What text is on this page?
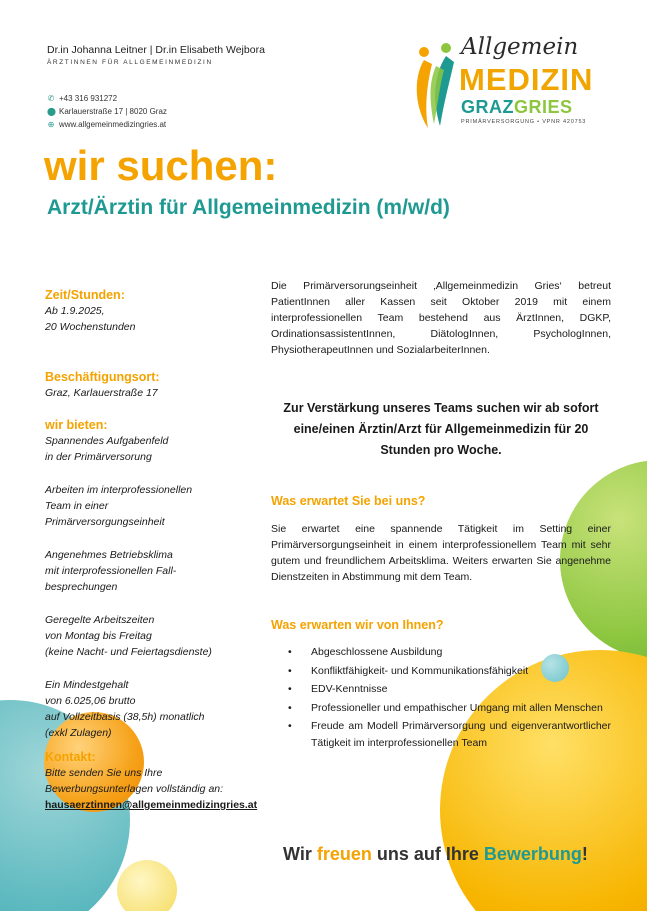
Dr.in Johanna Leitner | Dr.in Elisabeth Wejbora
ÄRZTINNEN FÜR ALLGEMEINMEDIZIN
✆ +43 316 931272
⬤ Karlauerstraße 17 | 8020 Graz
⊕ www.allgemeinmedizingries.at
Allgemein
MEDIZIN
GRAZGRIES
PRIMÄRVERSORGUNG • VPNR 420753
wir suchen:
Arzt/Ärztin für Allgemeinmedizin (m/w/d)
Zeit/Stunden:
Ab 1.9.2025,
20 Wochenstunden
Beschäftigungsort:
Graz, Karlauerstraße 17
wir bieten:
Spannendes Aufgabenfeld
in der Primärversorung
Arbeiten im interprofessionellen
Team in einer
Primärversorgungseinheit
Angenehmes Betriebsklima
mit interprofessionellen Fall-
besprechungen
Geregelte Arbeitszeiten
von Montag bis Freitag
(keine Nacht- und Feiertagsdienste)
Ein Mindestgehalt
von 6.025,06 brutto
auf Vollzeitbasis (38,5h) monatlich
(exkl Zulagen)
Kontakt:
Bitte senden Sie uns Ihre
Bewerbungsunterlagen vollständig an:
hausaerztinnen@allgemeinmedizingries.at
Die Primärversorungseinheit ‚Allgemeinmedizin Gries‘ betreut PatientInnen aller Kassen seit Oktober 2019 mit einem interprofessionellen Team bestehend aus ÄrztInnen, DGKP, OrdinationsassistentInnen, DiätologInnen, PsychologInnen, PhysiotherapeutInnen und SozialarbeiterInnen.
Zur Verstärkung unseres Teams suchen wir ab sofort eine/einen Ärztin/Arzt für Allgemeinmedizin für 20 Stunden pro Woche.
Was erwartet Sie bei uns?
Sie erwartet eine spannende Tätigkeit im Setting einer Primärversorgungseinheit in einem interprofessionellem Team mit sehr gutem und freundlichem Arbeitsklima. Weiters erwarten Sie angenehme Dienstzeiten in Abstimmung mit dem Team.
Was erwarten wir von Ihnen?
• Abgeschlossene Ausbildung
• Konfliktfähigkeit- und Kommunikationsfähigkeit
• EDV-Kenntnisse
• Professioneller und empathischer Umgang mit allen Menschen
• Freude am Modell Primärversorgung und eigenverantwortlicher Tätigkeit im interprofessionellen Team
Wir freuen uns auf Ihre Bewerbung!
